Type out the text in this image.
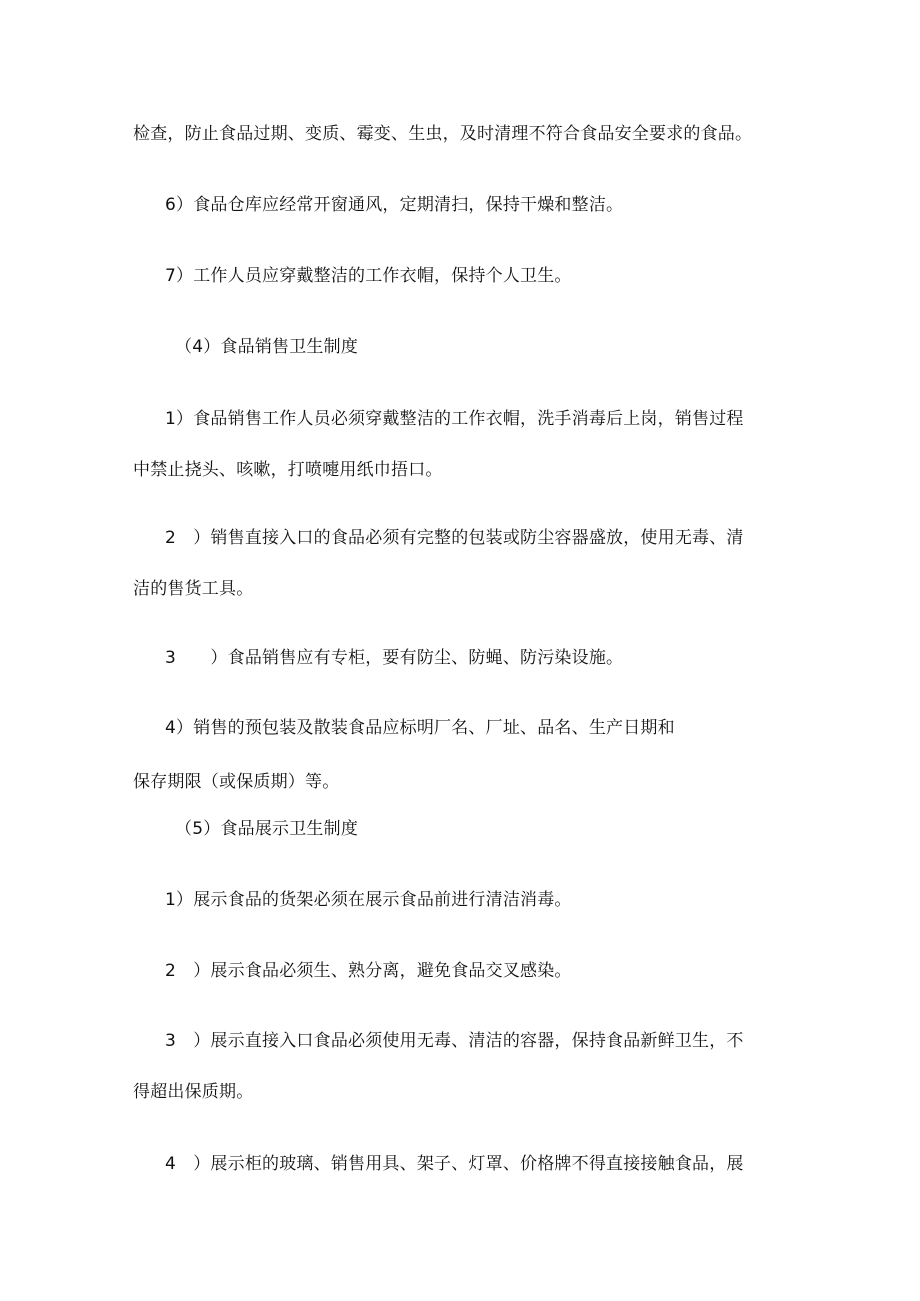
检查，防止食品过期、变质、霉变、生虫，及时清理不符合食品安全要求的食品。
6）食品仓库应经常开窗通风，定期清扫，保持干燥和整洁。
7）工作人员应穿戴整洁的工作衣帽，保持个人卫生。
（4）食品销售卫生制度
1）食品销售工作人员必须穿戴整洁的工作衣帽，洗手消毒后上岗，销售过程
中禁止挠头、咳嗽，打喷嚏用纸巾捂口。
2　）销售直接入口的食品必须有完整的包装或防尘容器盛放，使用无毒、清
洁的售货工具。
3　　）食品销售应有专柜，要有防尘、防蝇、防污染设施。
4）销售的预包装及散装食品应标明厂名、厂址、品名、生产日期和
保存期限（或保质期）等。
（5）食品展示卫生制度
1）展示食品的货架必须在展示食品前进行清洁消毒。
2　）展示食品必须生、熟分离，避免食品交叉感染。
3　）展示直接入口食品必须使用无毒、清洁的容器，保持食品新鲜卫生，不
得超出保质期。
4　）展示柜的玻璃、销售用具、架子、灯罩、价格牌不得直接接触食品，展
